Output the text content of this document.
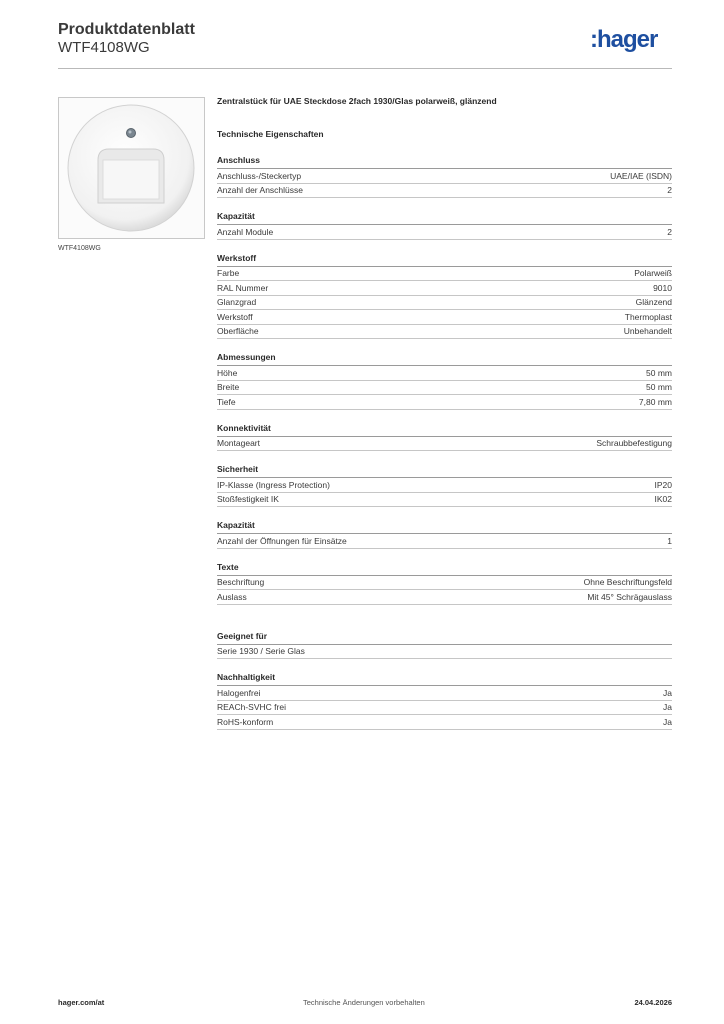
Produktdatenblatt
WTF4108WG	:hager
WTF4108WG
Zentralstück für UAE Steckdose 2fach 1930/Glas polarweiß, glänzend
Technische Eigenschaften
Anschluss
Anschluss-/Steckertyp	UAE/IAE (ISDN)
Anzahl der Anschlüsse	2
Kapazität
Anzahl Module	2
Werkstoff
Farbe	Polarweiß
RAL Nummer	9010
Glanzgrad	Glänzend
Werkstoff	Thermoplast
Oberfläche	Unbehandelt
Abmessungen
Höhe	50 mm
Breite	50 mm
Tiefe	7,80 mm
Konnektivität
Montageart	Schraubbefestigung
Sicherheit
IP-Klasse (Ingress Protection)	IP20
Stoßfestigkeit IK	IK02
Kapazität
Anzahl der Öffnungen für Einsätze	1
Texte
Beschriftung	Ohne Beschriftungsfeld
Auslass	Mit 45° Schrägauslass
Geeignet für
Serie 1930 / Serie Glas
Nachhaltigkeit
Halogenfrei	Ja
REACh-SVHC frei	Ja
RoHS-konform	Ja
hager.com/at	Technische Änderungen vorbehalten	24.04.2026
